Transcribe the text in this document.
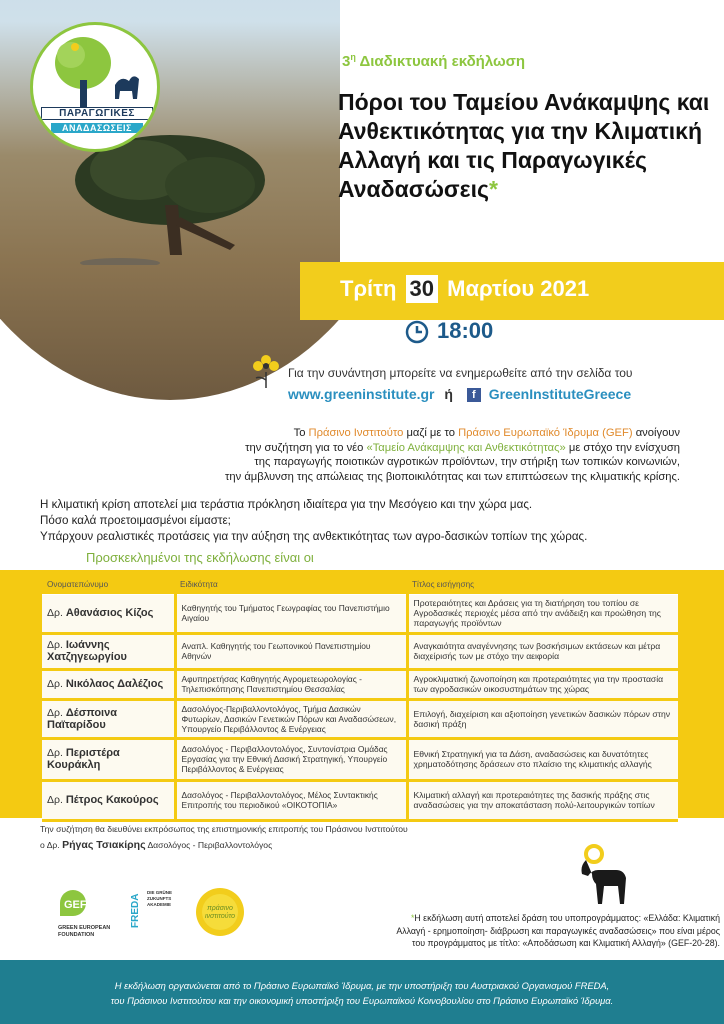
ΠΑΡΑΓΩΓΙΚΕΣ
ΑΝΑΔΑΣΩΣΕΙΣ
$3^\eta$ Διαδικτυακή εκδήλωση
Πόροι του Ταμείου Ανάκαμψης και Ανθεκτικότητας για την Κλιματική Αλλαγή και τις Παραγωγικές Αναδασώσεις*
Τρίτη 30 Μαρτίου 2021
18:00
Για την συνάντηση μπορείτε να ενημερωθείτε από την σελίδα του
www.greeninstitute.gr ή f GreenInstituteGreece
Το Πράσινο Ινστιτούτο μαζί με το Πράσινο Ευρωπαϊκό Ίδρυμα (GEF) ανοίγουν
την συζήτηση για το νέο «Ταμείο Ανάκαμψης και Ανθεκτικότητας» με στόχο την ενίσχυση
της παραγωγής ποιοτικών αγροτικών προϊόντων, την στήριξη των τοπικών κοινωνιών,
την άμβλυνση της απώλειας της βιοποικιλότητας και των επιπτώσεων της κλιματικής κρίσης.
Η κλιματική κρίση αποτελεί μια τεράστια πρόκληση ιδιαίτερα για την Μεσόγειο και την χώρα μας.
Πόσο καλά προετοιμασμένοι είμαστε;
Υπάρχουν ρεαλιστικές προτάσεις για την αύξηση της ανθεκτικότητας των αγρο-δασικών τοπίων της χώρας.
Προσκεκλημένοι της εκδήλωσης είναι οι
Ονοματεπώνυμο	Ειδικότητα	Τίτλος εισήγησης
Δρ. Αθανάσιος Κίζος	Καθηγητής του Τμήματος Γεωγραφίας του Πανεπιστήμιο Αιγαίου	Προτεραιότητες και Δράσεις για τη διατήρηση του τοπίου σε Αγροδασικές περιοχές μέσα από την ανάδειξη και προώθηση της παραγωγής προϊόντων
Δρ. Ιωάννης Χατζηγεωργίου	Αναπλ. Καθηγητής του Γεωπονικού Πανεπιστημίου Αθηνών	Αναγκαιότητα αναγέννησης των βοσκήσιμων εκτάσεων και μέτρα διαχείρισής των με στόχο την αειφορία
Δρ. Νικόλαος Δαλέζιος	Αφυπηρετήσας Καθηγητής Αγρομετεωρολογίας - Τηλεπισκόπησης Πανεπιστημίου Θεσσαλίας	Αγροκλιματική ζωνοποίηση και προτεραιότητες για την προστασία των αγροδασικών οικοσυστημάτων της χώρας
Δρ. Δέσποινα Παϊταρίδου	Δασολόγος-Περιβαλλοντολόγος, Τμήμα Δασικών Φυτωρίων, Δασικών Γενετικών Πόρων και Αναδασώσεων, Υπουργείο Περιβάλλοντος & Ενέργειας	Επιλογή, διαχείριση και αξιοποίηση γενετικών δασικών πόρων στην δασική πράξη
Δρ. Περιστέρα Κουράκλη	Δασολόγος - Περιβαλλοντολόγος, Συντονίστρια Ομάδας Εργασίας για την Εθνική Δασική Στρατηγική, Υπουργείο Περιβάλλοντος & Ενέργειας	Εθνική Στρατηγική για τα Δάση, αναδασώσεις και δυνατότητες χρηματοδότησης δράσεων στο πλαίσιο της κλιματικής αλλαγής
Δρ. Πέτρος Κακούρος	Δασολόγος - Περιβαλλοντολόγος, Μέλος Συντακτικής Επιτροπής του περιοδικού «ΟΙΚΟΤΟΠΙΑ»	Κλιματική αλλαγή και προτεραιότητες της δασικής πράξης στις αναδασώσεις για την αποκατάσταση πολύ-λειτουργικών τοπίων
Την συζήτηση θα διευθύνει εκπρόσωπος της επιστημονικής επιτροπής του Πράσινου Ινστιτούτου
ο Δρ. Ρήγας Τσιακίρης Δασολόγος - Περιβαλλοντολόγος
GEF
GREEN EUROPEAN
FOUNDATION
FREDA
DIE GRÜNE
ZUKUNFTS
AKADEMIE
πράσινο
ινστιτούτο	*Η εκδήλωση αυτή αποτελεί δράση του υποπρογράμματος: «Ελλάδα: Κλιματική
Αλλαγή - ερημοποίηση- διάβρωση και παραγωγικές αναδασώσεις» που είναι μέρος
του προγράμματος με τίτλο: «Αποδάσωση και Κλιματική Αλλαγή» (GEF-20-28).
Η εκδήλωση οργανώνεται από το Πράσινο Ευρωπαϊκό Ίδρυμα, με την υποστήριξη του Αυστριακού Οργανισμού FREDA,
του Πράσινου Ινστιτούτου και την οικονομική υποστήριξη του Ευρωπαϊκού Κοινοβουλίου στο Πράσινο Ευρωπαϊκό Ίδρυμα.
